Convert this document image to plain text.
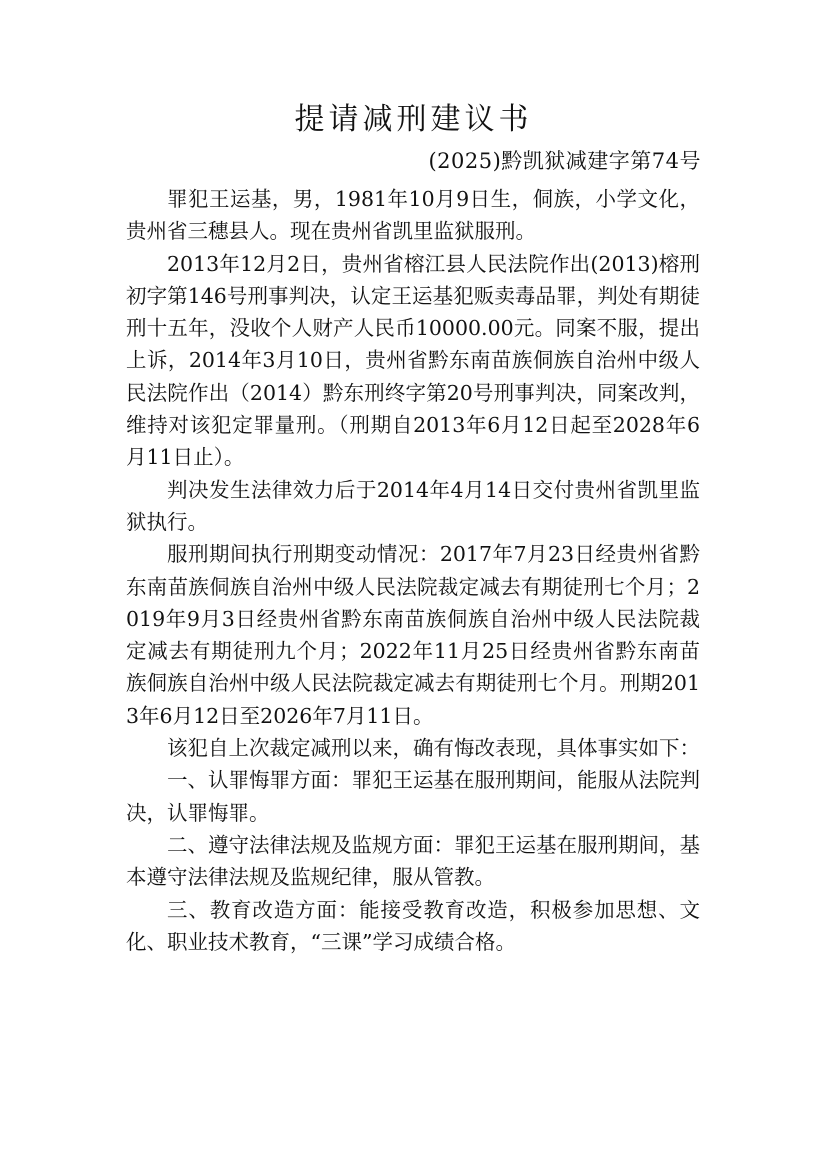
提请减刑建议书
(2025)黔凯狱减建字第74号

罪犯王运基，男，1981年10月9日生，侗族，小学文化，贵州省三穗县人。现在贵州省凯里监狱服刑。

2013年12月2日，贵州省榕江县人民法院作出(2013)榕刑初字第146号刑事判决，认定王运基犯贩卖毒品罪，判处有期徒刑十五年，没收个人财产人民币10000.00元。同案不服，提出上诉，2014年3月10日，贵州省黔东南苗族侗族自治州中级人民法院作出（2014）黔东刑终字第20号刑事判决，同案改判，维持对该犯定罪量刑。（刑期自2013年6月12日起至2028年6月11日止）。

判决发生法律效力后于2014年4月14日交付贵州省凯里监狱执行。

服刑期间执行刑期变动情况：2017年7月23日经贵州省黔东南苗族侗族自治州中级人民法院裁定减去有期徒刑七个月；2019年9月3日经贵州省黔东南苗族侗族自治州中级人民法院裁定减去有期徒刑九个月；2022年11月25日经贵州省黔东南苗族侗族自治州中级人民法院裁定减去有期徒刑七个月。刑期2013年6月12日至2026年7月11日。

该犯自上次裁定减刑以来，确有悔改表现，具体事实如下：

一、认罪悔罪方面：罪犯王运基在服刑期间，能服从法院判决，认罪悔罪。

二、遵守法律法规及监规方面：罪犯王运基在服刑期间，基本遵守法律法规及监规纪律，服从管教。

三、教育改造方面：能接受教育改造，积极参加思想、文化、职业技术教育，“三课”学习成绩合格。
